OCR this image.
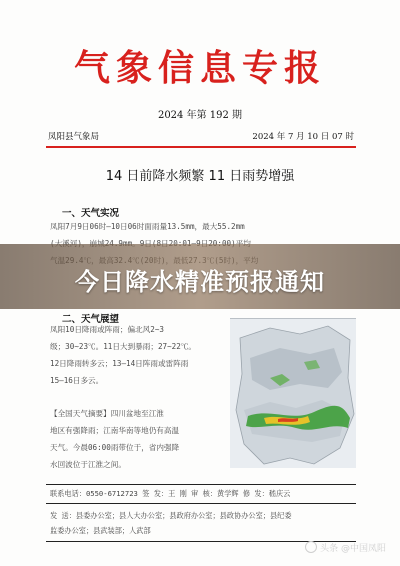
气象信息专报
2024 年第 192 期
凤阳县气象局	2024 年 7 月 10 日 07 时
14 日前降水频繁 11 日雨势增强
一、天气实况
凤阳7月9日06时—10日06时面雨量13.5mm，最大55.2mm
今日降水精准预报通知
二、天气展望
凤阳10日降雨或阵雨；偏北风2~3
级；30~23℃。11日大到暴雨；27~22℃。
12日降雨转多云；13—14日阵雨或雷阵雨
15—16日多云。
【全国天气摘要】四川盆地至江淮
地区有强降雨；江南华南等地仍有高温
天气。今晨06:00雨带位于，省内强降
水回波位于江淮之间。
联系电话：0550-6712723 签 发：王 刚 审 核：黄学辉 修 发：嵇庆云
发 送：县委办公室；县人大办公室；县政府办公室；县政协办公室；县纪委
监委办公室；县武装部；人武部
头条 @中国凤阳
